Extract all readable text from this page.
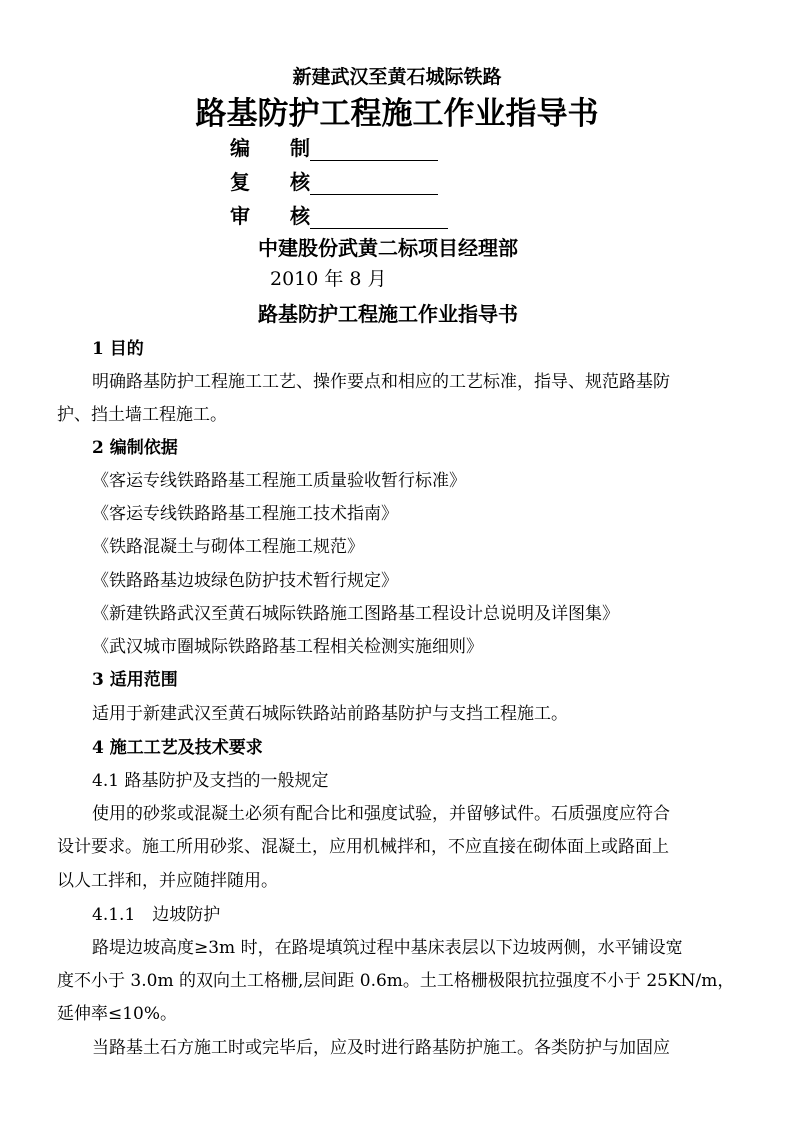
新建武汉至黄石城际铁路
路基防护工程施工作业指导书
编	制
复	核
审	核
中建股份武黄二标项目经理部
2010 年 8 月
路基防护工程施工作业指导书
1 目的
明确路基防护工程施工工艺、操作要点和相应的工艺标准，指导、规范路基防
护、挡土墙工程施工。
2 编制依据
《客运专线铁路路基工程施工质量验收暂行标准》
《客运专线铁路路基工程施工技术指南》
《铁路混凝土与砌体工程施工规范》
《铁路路基边坡绿色防护技术暂行规定》
《新建铁路武汉至黄石城际铁路施工图路基工程设计总说明及详图集》
《武汉城市圈城际铁路路基工程相关检测实施细则》
3 适用范围
适用于新建武汉至黄石城际铁路站前路基防护与支挡工程施工。
4 施工工艺及技术要求
4.1 路基防护及支挡的一般规定
使用的砂浆或混凝土必须有配合比和强度试验，并留够试件。石质强度应符合
设计要求。施工所用砂浆、混凝土，应用机械拌和，不应直接在砌体面上或路面上
以人工拌和，并应随拌随用。
4.1.1　边坡防护
路堤边坡高度≥3m 时，在路堤填筑过程中基床表层以下边坡两侧，水平铺设宽
度不小于 3.0m 的双向土工格栅,层间距 0.6m。土工格栅极限抗拉强度不小于 25KN/m，
延伸率≤10%。
当路基土石方施工时或完毕后，应及时进行路基防护施工。各类防护与加固应
